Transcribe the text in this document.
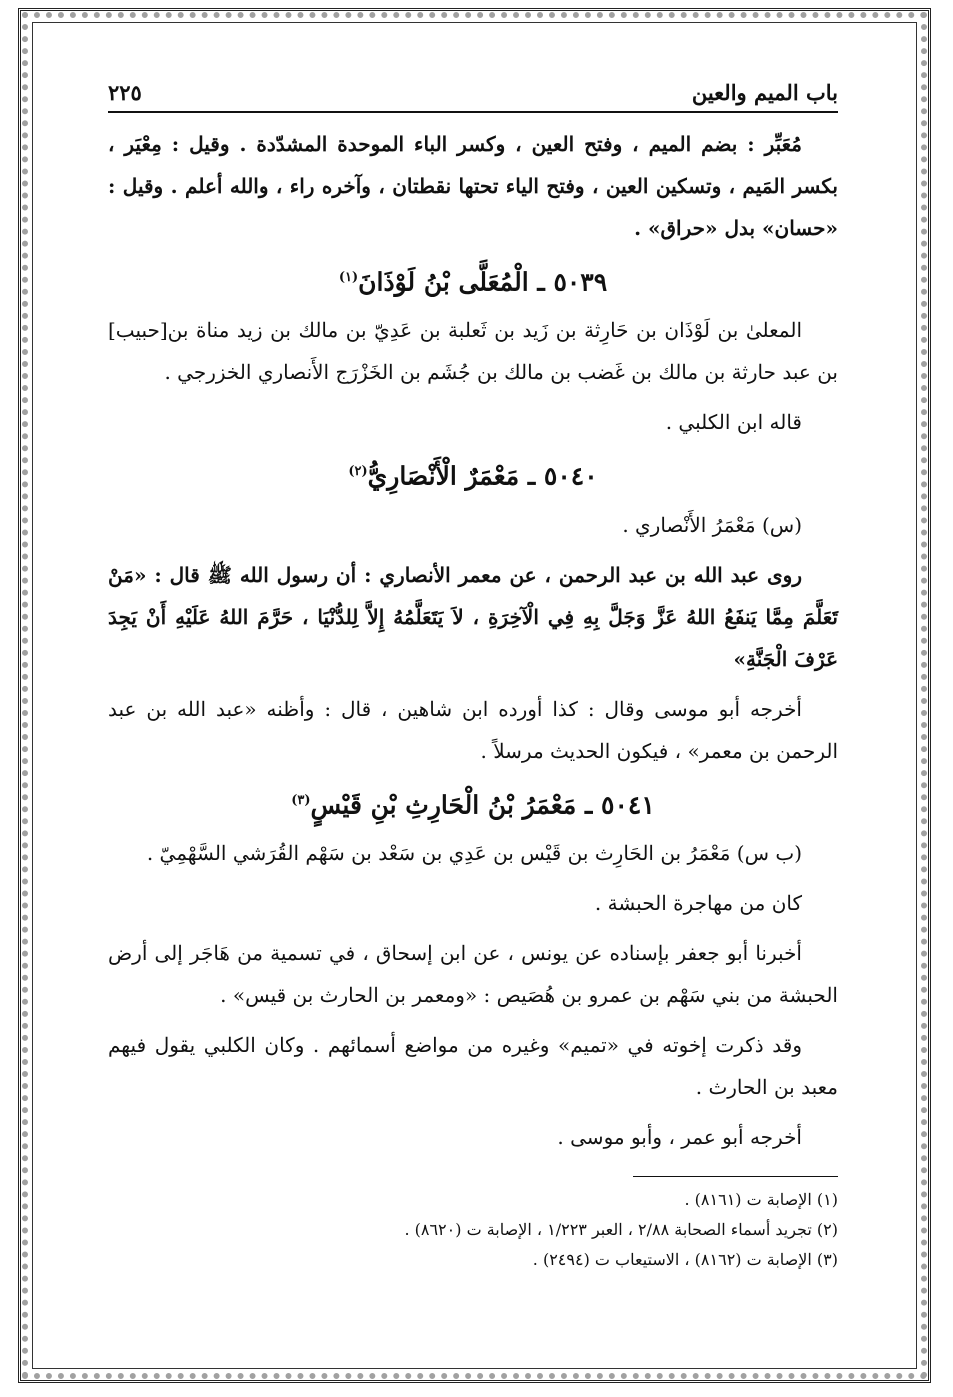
باب الميم والعين
٢٢٥

مُعَبِّر : بضم الميم ، وفتح العين ، وكسر الباء الموحدة المشدّدة . وقيل : مِعْيَر ، بكسر المَيم ، وتسكين العين ، وفتح الياء تحتها نقطتان ، وآخره راء ، والله أعلم . وقيل : «حسان» بدل «حراق» .

٥٠٣٩ ـ الْمُعَلَّى بْنُ لَوْذَانَ$^{(١)}$

المعلىٰ بن لَوْذَان بن حَارِثة بن زَيد بن ثَعلبة بن عَدِيّ بن مالك بن زيد مناة بن[حبيب] بن عبد حارثة بن مالك بن غَضب بن مالك بن جُشَم بن الخَزْرَج الأَنصاري الخزرجي .

قاله ابن الكلبي .

٥٠٤٠ ـ مَعْمَرٌ الْأَنْصَارِيُّ$^{(٢)}$

(س) مَعْمَرُ الأَنْصاري .

روى عبد الله بن عبد الرحمن ، عن معمر الأنصاري : أن رسول الله ﷺ قال : «مَنْ تَعَلَّمَ مِمَّا يَنفَعُ اللهُ عَزَّ وَجَلَّ بِهِ فِي الْآخِرَةِ ، لاَ يَتَعَلَّمُهُ إِلاَّ لِلدُّنْيَا ، حَرَّمَ اللهُ عَلَيْهِ أَنْ يَجِدَ عَرْفَ الْجَنَّةِ»

أخرجه أبو موسى وقال : كذا أورده ابن شاهين ، قال : وأظنه «عبد الله بن عبد الرحمن بن معمر» ، فيكون الحديث مرسلاً .

٥٠٤١ ـ مَعْمَرُ بْنُ الْحَارِثِ بْنِ قَيْسٍ$^{(٣)}$

(ب س) مَعْمَرُ بن الحَارِث بن قَيْس بن عَدِي بن سَعْد بن سَهْم القُرَشي السَّهْمِيّ .

كان من مهاجرة الحبشة .

أخبرنا أبو جعفر بإسناده عن يونس ، عن ابن إسحاق ، في تسمية من هَاجَر إلى أرض الحبشة من بني سَهْم بن عمرو بن هُصَيص : «ومعمر بن الحارث بن قيس» .

وقد ذكرت إخوته في «تميم» وغيره من مواضع أسمائهم . وكان الكلبي يقول فيهم معبد بن الحارث .

أخرجه أبو عمر ، وأبو موسى .

(١) الإصابة ت (٨١٦١) .
(٢) تجريد أسماء الصحابة ٢/٨٨ ، العبر ١/٢٢٣ ، الإصابة ت (٨٦٢٠) .
(٣) الإصابة ت (٨١٦٢) ، الاستيعاب ت (٢٤٩٤) .
